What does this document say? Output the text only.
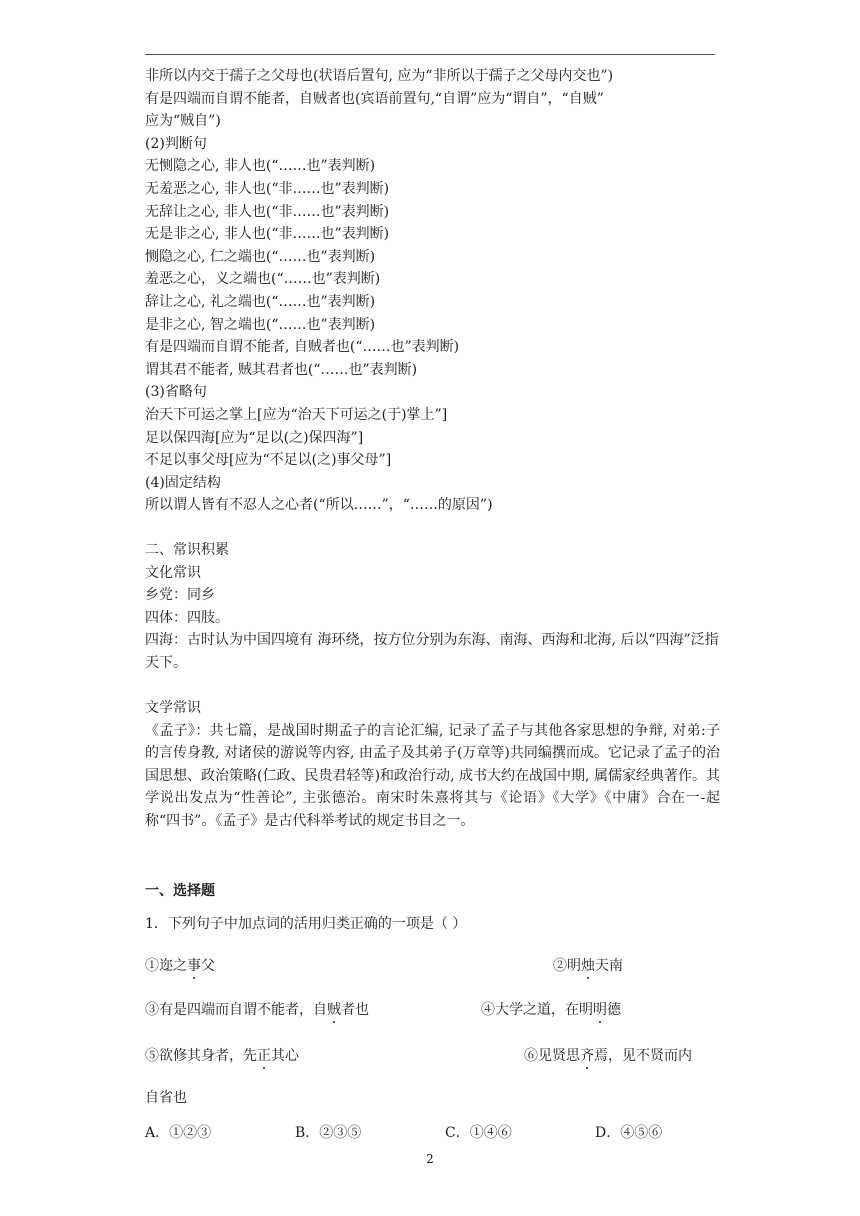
非所以内交于孺子之父母也(状语后置句, 应为“非所以于孺子之父母内交也”)
有是四端而自谓不能者，自贼者也(宾语前置句,“自谓”应为“谓自”，“自贼”
应为“贼自”)
(2)判断句
无恻隐之心, 非人也(“……也”表判断)
无羞恶之心, 非人也(“非……也”表判断)
无辞让之心, 非人也(“非……也”表判断)
无是非之心, 非人也(“非……也”表判断)
恻隐之心, 仁之端也(“……也”表判断)
羞恶之心，义之端也(“……也”表判断)
辞让之心, 礼之端也(“……也”表判断)
是非之心, 智之端也(“……也”表判断)
有是四端而自谓不能者, 自贼者也(“……也”表判断)
谓其君不能者, 贼其君者也(“……也”表判断)
(3)省略句
治天下可运之掌上[应为“治天下可运之(于)掌上”]
足以保四海[应为“足以(之)保四海”]
不足以事父母[应为“不足以(之)事父母”]
(4)固定结构
所以谓人皆有不忍人之心者(“所以……”，“……的原因”)
二、常识积累
文化常识
乡党：同乡
四体：四肢。
四海：古时认为中国四境有 海环绕，按方位分别为东海、南海、西海和北海, 后以“四海”泛指天下。
文学常识
《孟子》：共七篇，是战国时期孟子的言论汇编, 记录了孟子与其他各家思想的争辩, 对弟:子的言传身教, 对诸侯的游说等内容, 由孟子及其弟子(万章等)共同编撰而成。它记录了孟子的治国思想、政治策略(仁政、民贵君轻等)和政治行动, 成书大约在战国中期, 属儒家经典著作。其学说出发点为“性善论”, 主张德治。南宋时朱熹将其与《论语》《大学》《中庸》合在一-起称“四书”。《孟子》是古代科举考试的规定书目之一。
一、选择题
1．下列句子中加点词的活用归类正确的一项是（ ）
①迩之事父	②明烛天南
③有是四端而自谓不能者，自贼者也	④大学之道，在明明德
⑤欲修其身者，先正其心	⑥见贤思齐焉，见不贤而内
自省也
A．①②③	B．②③⑤	C．①④⑥	D．④⑤⑥
2
